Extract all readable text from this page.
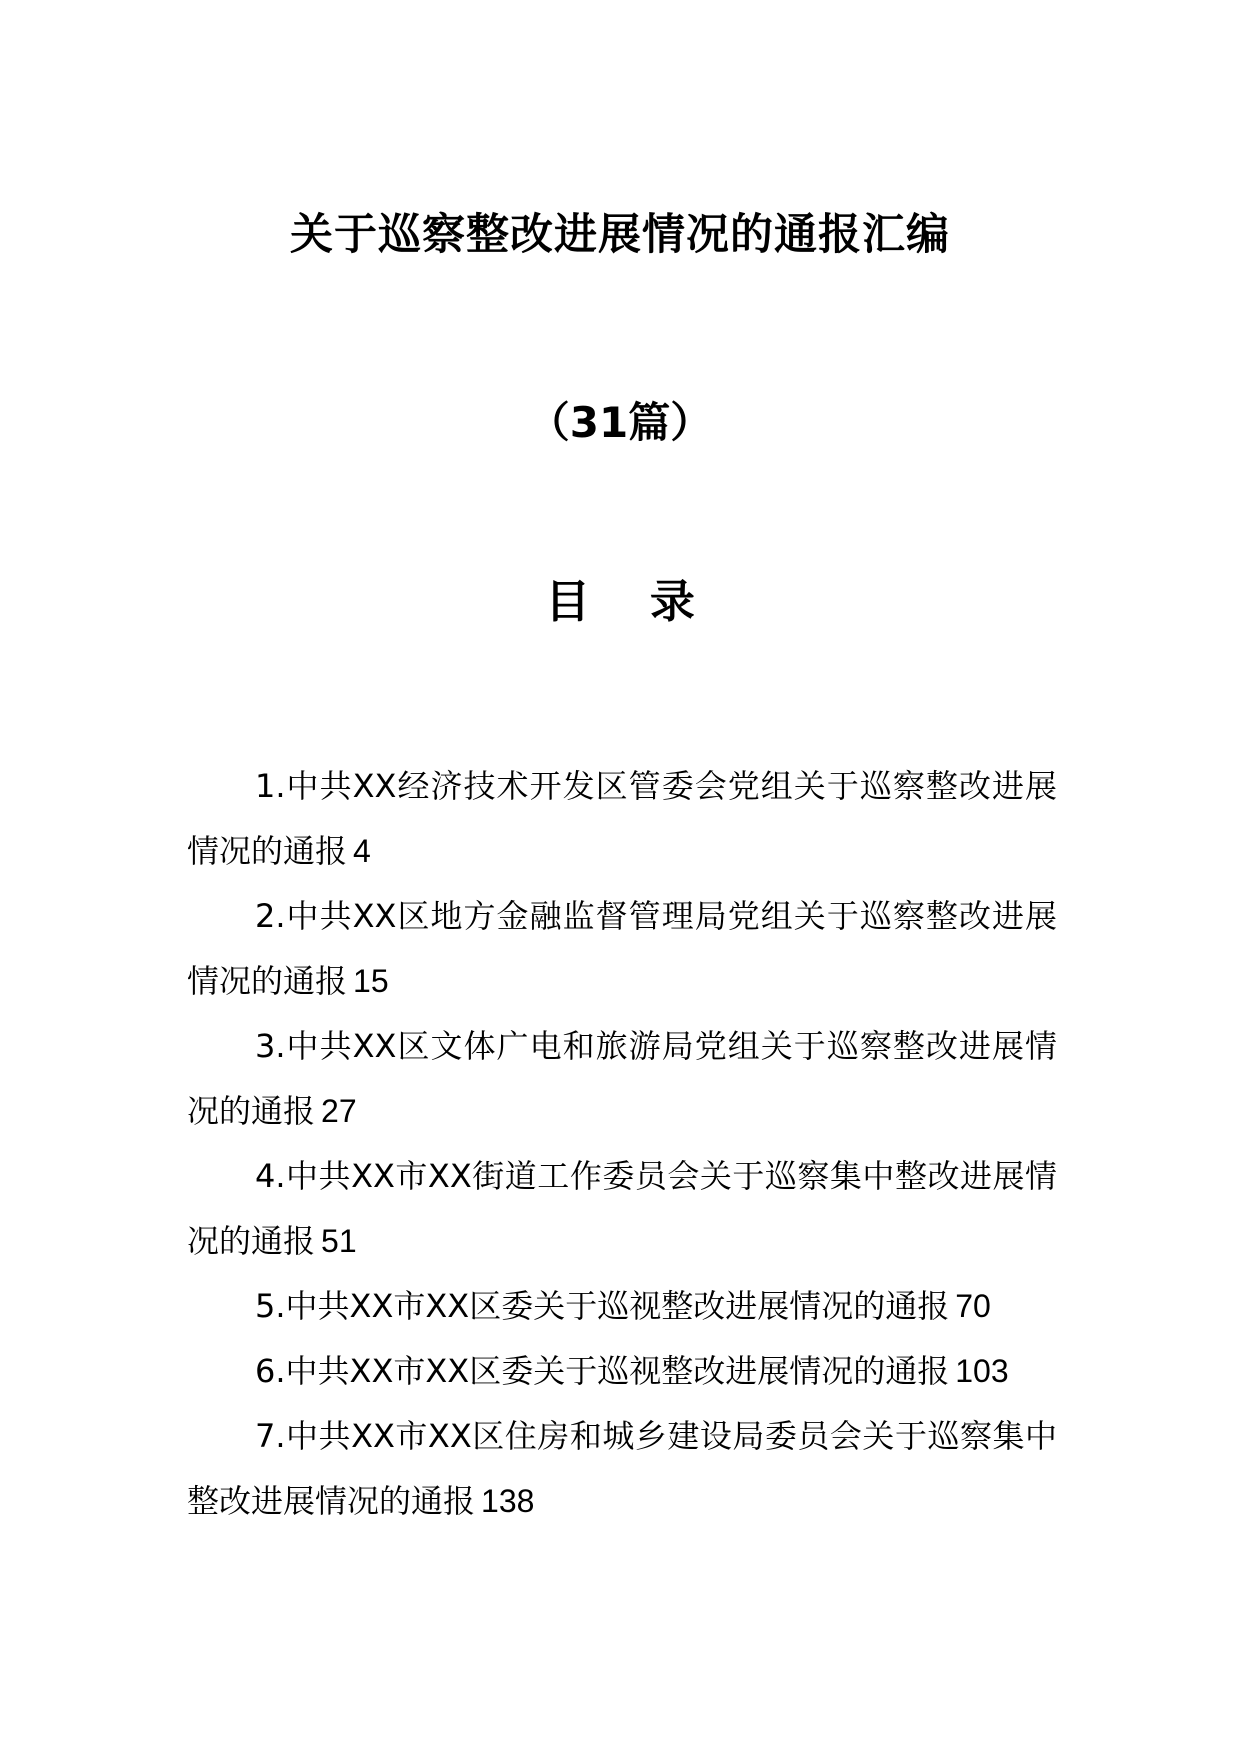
关于巡察整改进展情况的通报汇编
（31篇）
目 录
1.中共XX经济技术开发区管委会党组关于巡察整改进展情况的通报 4
2.中共XX区地方金融监督管理局党组关于巡察整改进展情况的通报 15
3.中共XX区文体广电和旅游局党组关于巡察整改进展情况的通报 27
4.中共XX市XX街道工作委员会关于巡察集中整改进展情况的通报 51
5.中共XX市XX区委关于巡视整改进展情况的通报 70
6.中共XX市XX区委关于巡视整改进展情况的通报 103
7.中共XX市XX区住房和城乡建设局委员会关于巡察集中整改进展情况的通报 138
